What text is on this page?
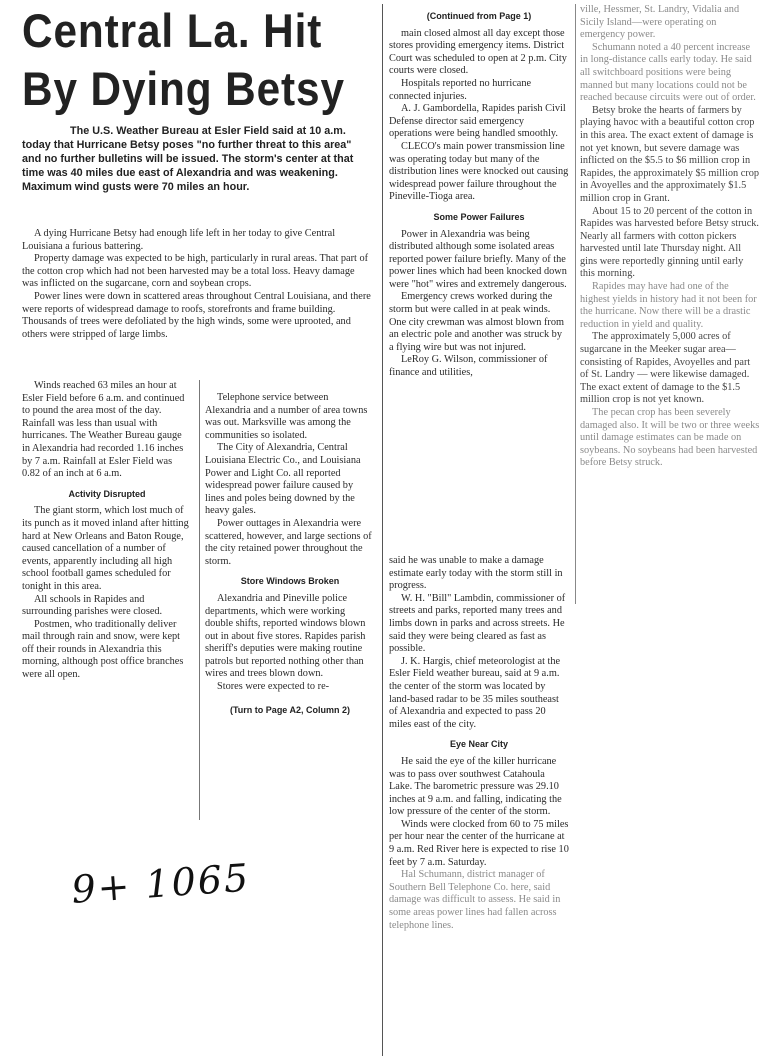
Central La. Hit
By Dying Betsy

The U.S. Weather Bureau at Esler Field said at 10 a.m. today that Hurricane Betsy poses "no further threat to this area" and no further bulletins will be issued. The storm's center at that time was 40 miles due east of Alexandria and was weakening. Maximum wind gusts were 70 miles an hour.

A dying Hurricane Betsy had enough life left in her today to give Central Louisiana a furious battering.

Property damage was expected to be high, particularly in rural areas. That part of the cotton crop which had not been harvested may be a total loss. Heavy damage was inflicted on the sugarcane, corn and soybean crops.

Power lines were down in scattered areas throughout Central Louisiana, and there were reports of widespread damage to roofs, storefronts and frame building. Thousands of trees were defoliated by the high winds, some were uprooted, and others were stripped of large limbs.

Winds reached 63 miles an hour at Esler Field before 6 a.m. and continued to pound the area most of the day. Rainfall was less than usual with hurricanes. The Weather Bureau gauge in Alexandria had recorded 1.16 inches by 7 a.m. Rainfall at Esler Field was 0.82 of an inch at 6 a.m.

Activity Disrupted

The giant storm, which lost much of its punch as it moved inland after hitting hard at New Orleans and Baton Rouge, caused cancellation of a number of events, apparently including all high school football games scheduled for tonight in this area.

All schools in Rapides and surrounding parishes were closed.

Postmen, who traditionally deliver mail through rain and snow, were kept off their rounds in Alexandria this morning, although post office branches were all open.

Telephone service between Alexandria and a number of area towns was out. Marksville was among the communities so isolated.

The City of Alexandria, Central Louisiana Electric Co., and Louisiana Power and Light Co. all reported widespread power failure caused by lines and poles being downed by the heavy gales.

Power outtages in Alexandria were scattered, however, and large sections of the city retained power throughout the storm.

Store Windows Broken

Alexandria and Pineville police departments, which were working double shifts, reported windows blown out in about five stores. Rapides parish sheriff's deputies were making routine patrols but reported nothing other than wires and trees blown down.

Stores were expected to re-

(Turn to Page A2, Column 2)
(Continued from Page 1)

main closed almost all day except those stores providing emergency items. District Court was scheduled to open at 2 p.m. City courts were closed.

Hospitals reported no hurricane connected injuries.

A. J. Gambordella, Rapides parish Civil Defense director said emergency operations were being handled smoothly.

CLECO's main power transmission line was operating today but many of the distribution lines were knocked out causing widespread power failure throughout the Pineville-Tioga area.

Some Power Failures

Power in Alexandria was being distributed although some isolated areas reported power failure briefly. Many of the power lines which had been knocked down were "hot" wires and extremely dangerous.

Emergency crews worked during the storm but were called in at peak winds. One city crewman was almost blown from an electric pole and another was struck by a flying wire but was not injured.

LeRoy G. Wilson, commissioner of finance and utilities,

said he was unable to make a damage estimate early today with the storm still in progress.

W. H. "Bill" Lambdin, commissioner of streets and parks, reported many trees and limbs down in parks and across streets. He said they were being cleared as fast as possible.

J. K. Hargis, chief meteorologist at the Esler Field weather bureau, said at 9 a.m. the center of the storm was located by land-based radar to be 35 miles southeast of Alexandria and expected to pass 20 miles east of the city.

Eye Near City

He said the eye of the killer hurricane was to pass over southwest Catahoula Lake. The barometric pressure was 29.10 inches at 9 a.m. and falling, indicating the low pressure of the center of the storm.

Winds were clocked from 60 to 75 miles per hour near the center of the hurricane at 9 a.m. Red River here is expected to rise 10 feet by 7 a.m. Saturday.

Hal Schumann, district manager of Southern Bell Telephone Co. here, said damage was difficult to assess. He said in some areas power lines had fallen across telephone lines.

ville, Hessmer, St. Landry, Vidalia and Sicily Island—were operating on emergency power.

Schumann noted a 40 percent increase in long-distance calls early today. He said all switchboard positions were being manned but many locations could not be reached because circuits were out of order.

Betsy broke the hearts of farmers by playing havoc with a beautiful cotton crop in this area. The exact extent of damage is not yet known, but severe damage was inflicted on the $5.5 to $6 million crop in Rapides, the approximately $5 million crop in Avoyelles and the approximately $1.5 million crop in Grant.

About 15 to 20 percent of the cotton in Rapides was harvested before Betsy struck. Nearly all farmers with cotton pickers harvested until late Thursday night. All gins were reportedly ginning until early this morning.

Rapides may have had one of the highest yields in history had it not been for the hurricane. Now there will be a drastic reduction in yield and quality.

The approximately 5,000 acres of sugarcane in the Meeker sugar area—consisting of Rapides, Avoyelles and part of St. Landry — were likewise damaged. The exact extent of damage to the $1.5 million crop is not yet known.

The pecan crop has been severely damaged also. It will be two or three weeks until damage estimates can be made on soybeans. No soybeans had been harvested before Betsy struck.

9+ 1065
